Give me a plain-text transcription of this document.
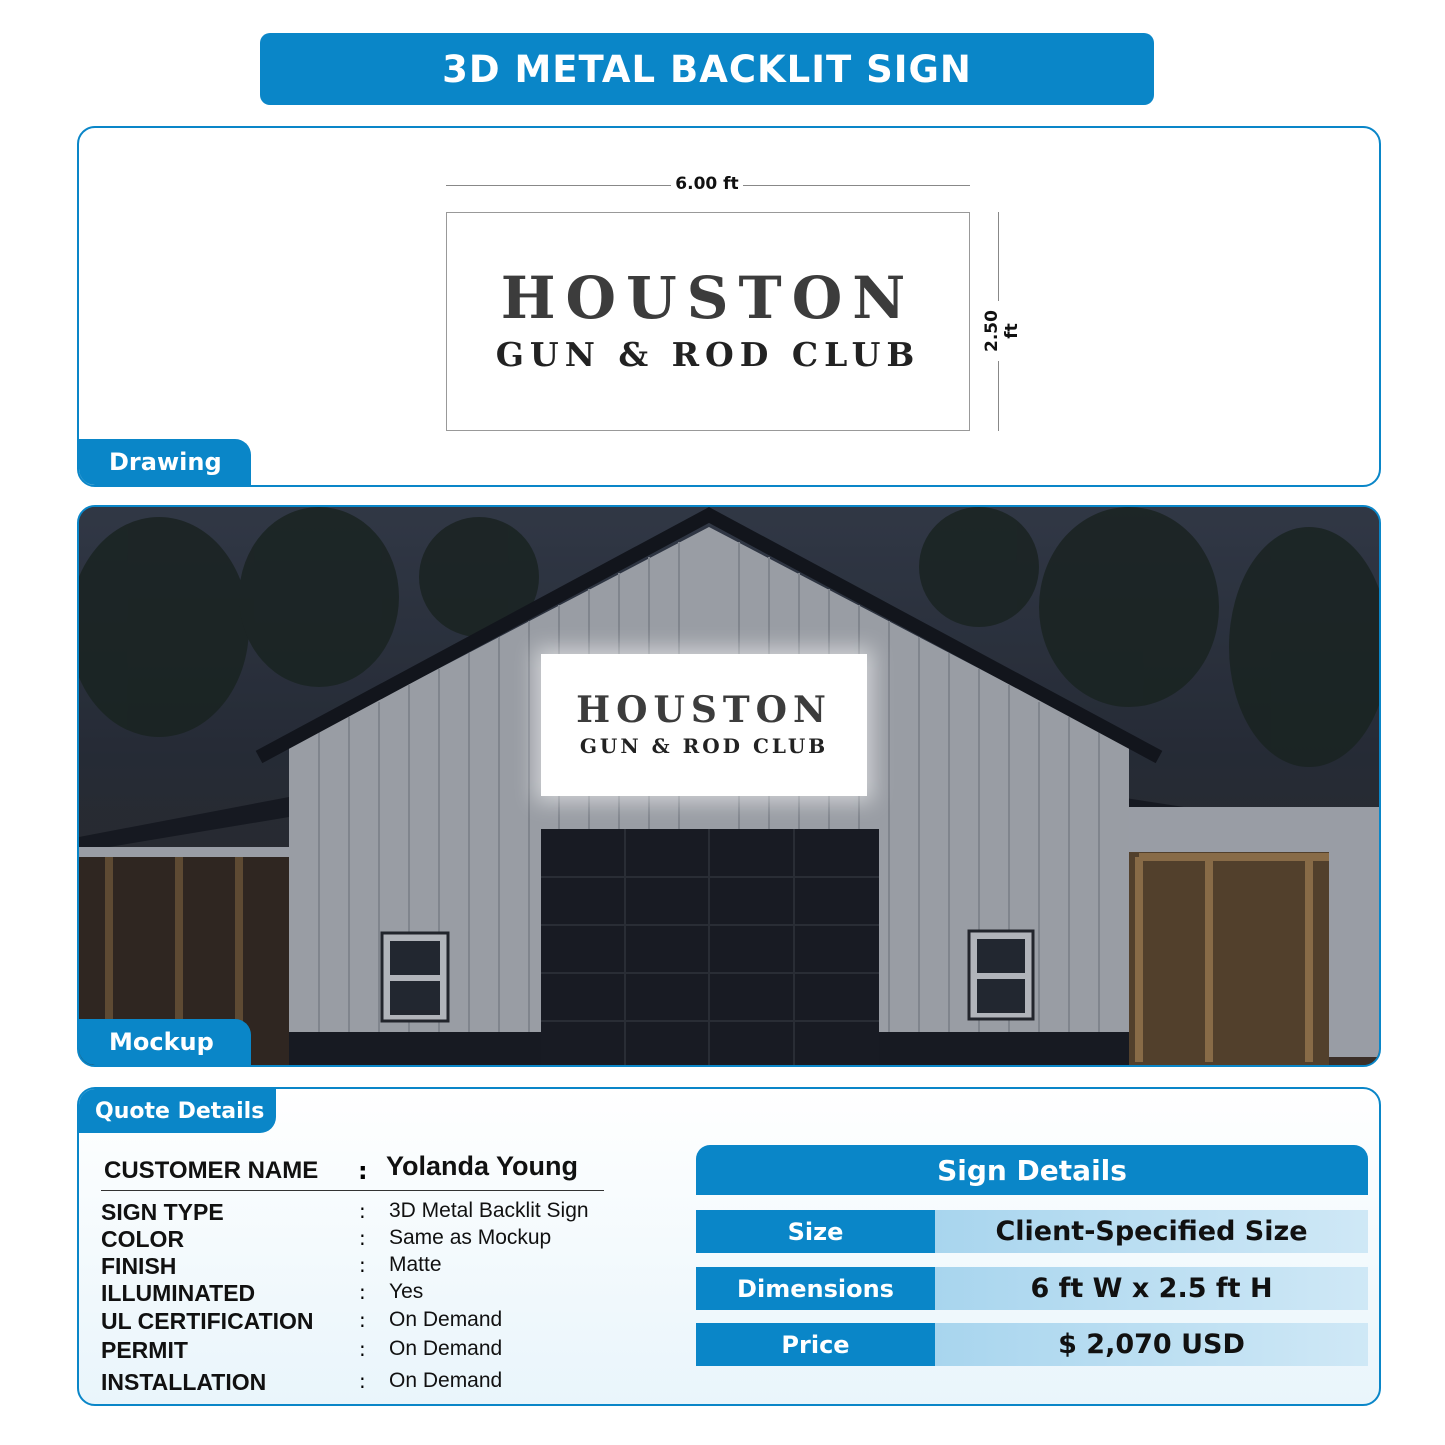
3D METAL BACKLIT SIGN
6.00 ft
HOUSTON
GUN & ROD CLUB
2.50 ft
Drawing
HOUSTON
GUN & ROD CLUB
Mockup
Quote Details
CUSTOMER NAME : Yolanda Young
SIGN TYPE	: 3D Metal Backlit Sign
COLOR	: Same as Mockup
FINISH	: Matte
ILLUMINATED	: Yes
UL CERTIFICATION : On Demand
PERMIT	: On Demand
INSTALLATION	: On Demand
Sign Details
Size	Client-Specified Size
Dimensions	6 ft W x 2.5 ft H
Price	$ 2,070 USD
